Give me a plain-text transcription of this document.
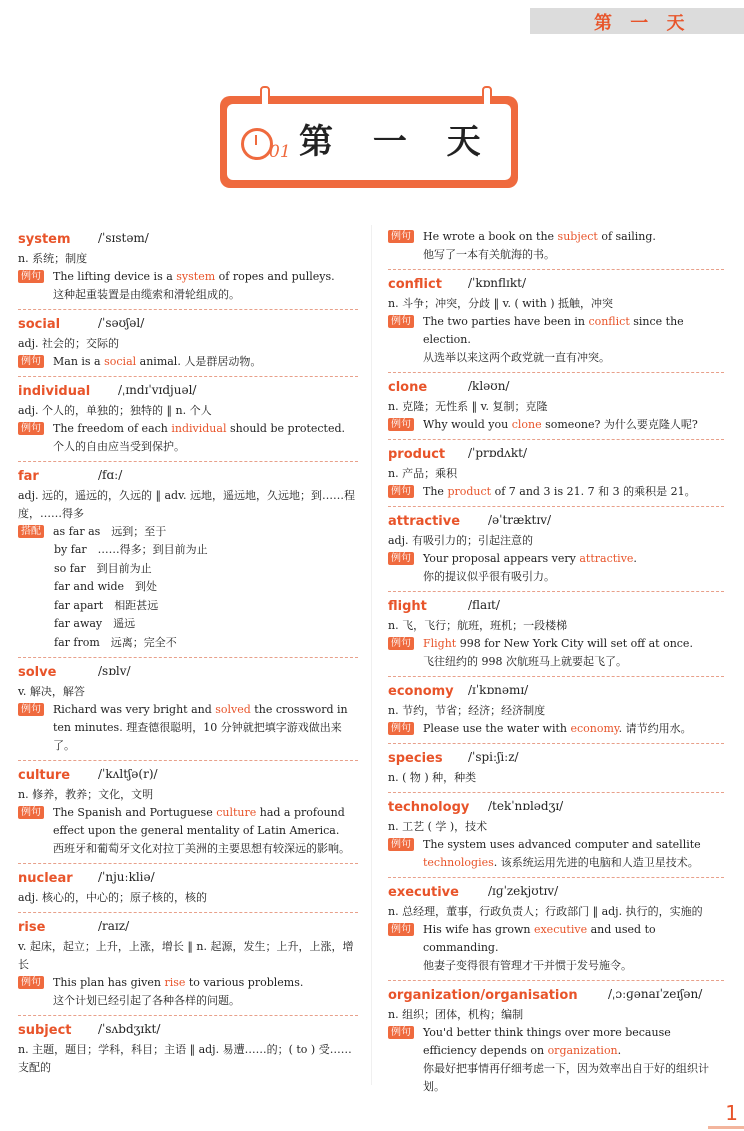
第 一 天
01 第 一 天
system /ˈsɪstəm/
n. 系统；制度
例句 The lifting device is a system of ropes and pulleys.
这种起重装置是由缆索和滑轮组成的。
social	/ˈsəʊʃəl/
adj. 社会的；交际的
例句 Man is a social animal. 人是群居动物。
individual /ˌɪndɪˈvɪdjuəl/
adj. 个人的，单独的；独特的 ‖ n. 个人
例句 The freedom of each individual should be protected.
个人的自由应当受到保护。
far	/fɑː/
adj. 远的，遥远的，久远的 ‖ adv. 远地，遥远地，久远地；到……程度，……得多
搭配 as far as　远到；至于
by far　……得多；到目前为止
so far　到目前为止
far and wide　到处
far apart　相距甚远
far away　遥远
far from　远离；完全不
solve	/sɒlv/
v. 解决，解答
例句 Richard was very bright and solved the crossword in ten minutes. 理查德很聪明，10 分钟就把填字游戏做出来了。
culture /ˈkʌltʃə(r)/
n. 修养，教养；文化，文明
例句 The Spanish and Portuguese culture had a profound effect upon the general mentality of Latin America.
西班牙和葡萄牙文化对拉丁美洲的主要思想有较深远的影响。
nuclear /ˈnjuːkliə/
adj. 核心的，中心的；原子核的，核的
rise	/raɪz/
v. 起床，起立；上升，上涨，增长 ‖ n. 起源，发生；上升，上涨，增长
例句 This plan has given rise to various problems.
这个计划已经引起了各种各样的问题。
subject /ˈsʌbdʒɪkt/
n. 主题，题目；学科，科目；主语 ‖ adj. 易遭……的；( to ) 受……支配的
例句 He wrote a book on the subject of sailing.
他写了一本有关航海的书。
conflict /ˈkɒnflɪkt/
n. 斗争；冲突，分歧 ‖ v. ( with ) 抵触，冲突
例句 The two parties have been in conflict since the election.
从选举以来这两个政党就一直有冲突。
clone	/kləʊn/
n. 克隆；无性系 ‖ v. 复制；克隆
例句 Why would you clone someone? 为什么要克隆人呢?
product /ˈprɒdʌkt/
n. 产品；乘积
例句 The product of 7 and 3 is 21. 7 和 3 的乘积是 21。
attractive /əˈtræktɪv/
adj. 有吸引力的；引起注意的
例句 Your proposal appears very attractive.
你的提议似乎很有吸引力。
flight	/flaɪt/
n. 飞，飞行；航班，班机；一段楼梯
例句 Flight 998 for New York City will set off at once.
飞往纽约的 998 次航班马上就要起飞了。
economy /ɪˈkɒnəmɪ/
n. 节约，节省；经济；经济制度
例句 Please use the water with economy. 请节约用水。
species /ˈspiːʃiːz/
n. ( 物 ) 种，种类
technology /tekˈnɒlədʒɪ/
n. 工艺 ( 学 )，技术
例句 The system uses advanced computer and satellite technologies. 该系统运用先进的电脑和人造卫星技术。
executive /ɪɡˈzekjʊtɪv/
n. 总经理，董事，行政负责人；行政部门 ‖ adj. 执行的，实施的
例句 His wife has grown executive and used to commanding.
他妻子变得很有管理才干并惯于发号施令。
organization/organisation	/ˌɔːɡənaɪˈzeɪʃən/
n. 组织；团体，机构；编制
例句 You'd better think things over more because efficiency depends on organization.
你最好把事情再仔细考虑一下，因为效率出自于好的组织计划。
1
